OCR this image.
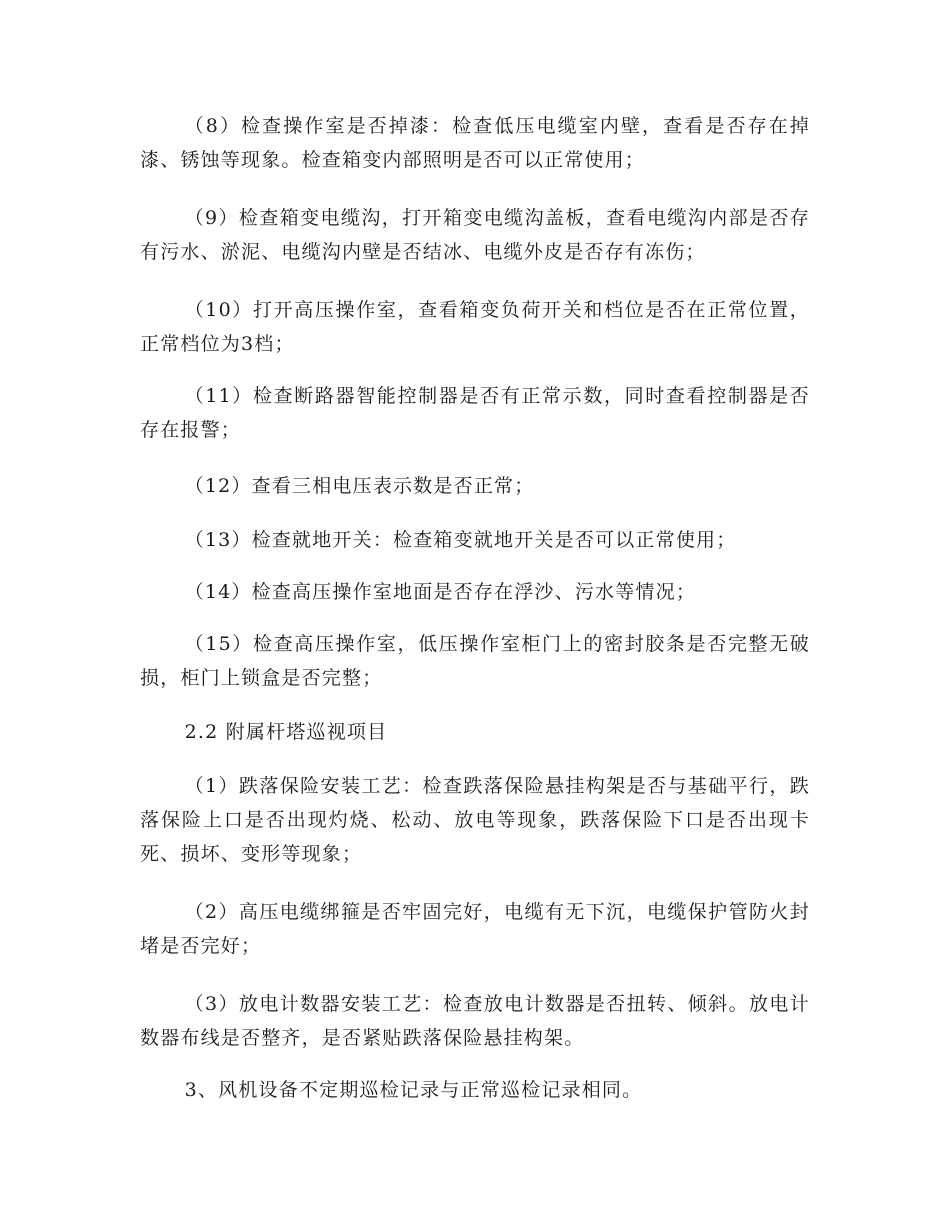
（8）检查操作室是否掉漆：检查低压电缆室内壁，查看是否存在掉漆、锈蚀等现象。检查箱变内部照明是否可以正常使用；

（9）检查箱变电缆沟，打开箱变电缆沟盖板，查看电缆沟内部是否存有污水、淤泥、电缆沟内壁是否结冰、电缆外皮是否存有冻伤；

（10）打开高压操作室，查看箱变负荷开关和档位是否在正常位置，正常档位为3档；

（11）检查断路器智能控制器是否有正常示数，同时查看控制器是否存在报警；

（12）查看三相电压表示数是否正常；

（13）检查就地开关：检查箱变就地开关是否可以正常使用；

（14）检查高压操作室地面是否存在浮沙、污水等情况；

（15）检查高压操作室，低压操作室柜门上的密封胶条是否完整无破损，柜门上锁盒是否完整；

2.2 附属杆塔巡视项目

（1）跌落保险安装工艺：检查跌落保险悬挂构架是否与基础平行，跌落保险上口是否出现灼烧、松动、放电等现象，跌落保险下口是否出现卡死、损坏、变形等现象；

（2）高压电缆绑箍是否牢固完好，电缆有无下沉，电缆保护管防火封堵是否完好；

（3）放电计数器安装工艺：检查放电计数器是否扭转、倾斜。放电计数器布线是否整齐，是否紧贴跌落保险悬挂构架。

3、风机设备不定期巡检记录与正常巡检记录相同。
